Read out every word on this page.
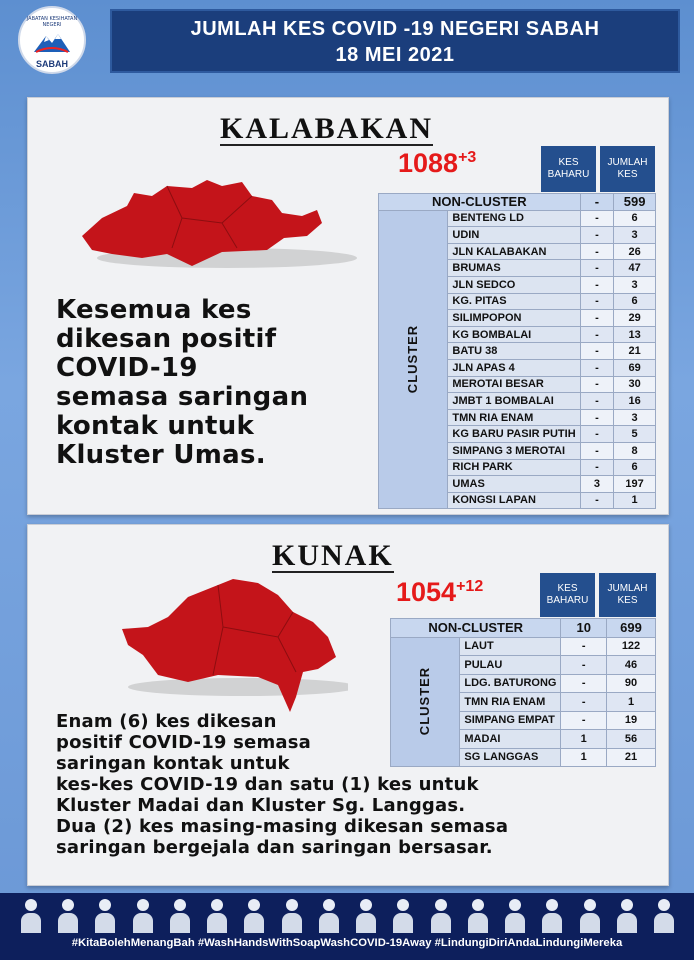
JABATAN KESIHATAN NEGERI
SABAH
JUMLAH KES COVID -19 NEGERI SABAH
18 MEI 2021
KALABAKAN
$1088^{+3}$	KES BAHARU
JUMLAH KES
Kesemua kes
dikesan positif
COVID-19
semasa saringan
kontak untuk
Kluster Umas.
NON-CLUSTER		-	599
CLUSTER	BENTENG LD	-	6
	UDIN	-	3
	JLN KALABAKAN	-	26
	BRUMAS	-	47
	JLN SEDCO	-	3
	KG. PITAS	-	6
	SILIMPOPON	-	29
	KG BOMBALAI	-	13
	BATU 38	-	21
	JLN APAS 4	-	69
	MEROTAI BESAR	-	30
	JMBT 1 BOMBALAI	-	16
	TMN RIA ENAM	-	3
	KG BARU PASIR PUTIH	-	5
	SIMPANG 3 MEROTAI	-	8
	RICH PARK	-	6
	UMAS	3	197
	KONGSI LAPAN	-	1
KUNAK
$1054^{+12}$	KES BAHARU
JUMLAH KES
Enam (6) kes dikesan
positif COVID-19 semasa
saringan kontak untuk
kes-kes COVID-19 dan satu (1) kes untuk
Kluster Madai dan Kluster Sg. Langgas.
Dua (2) kes masing-masing dikesan semasa
saringan bergejala dan saringan bersasar.
NON-CLUSTER		10	699
CLUSTER	LAUT	-	122
	PULAU	-	46
	LDG. BATURONG	-	90
	TMN RIA ENAM	-	1
	SIMPANG EMPAT	-	19
	MADAI	1	56
	SG LANGGAS	1	21
#KitaBolehMenangBah #WashHandsWithSoapWashCOVID-19Away #LindungiDiriAndaLindungiMereka
